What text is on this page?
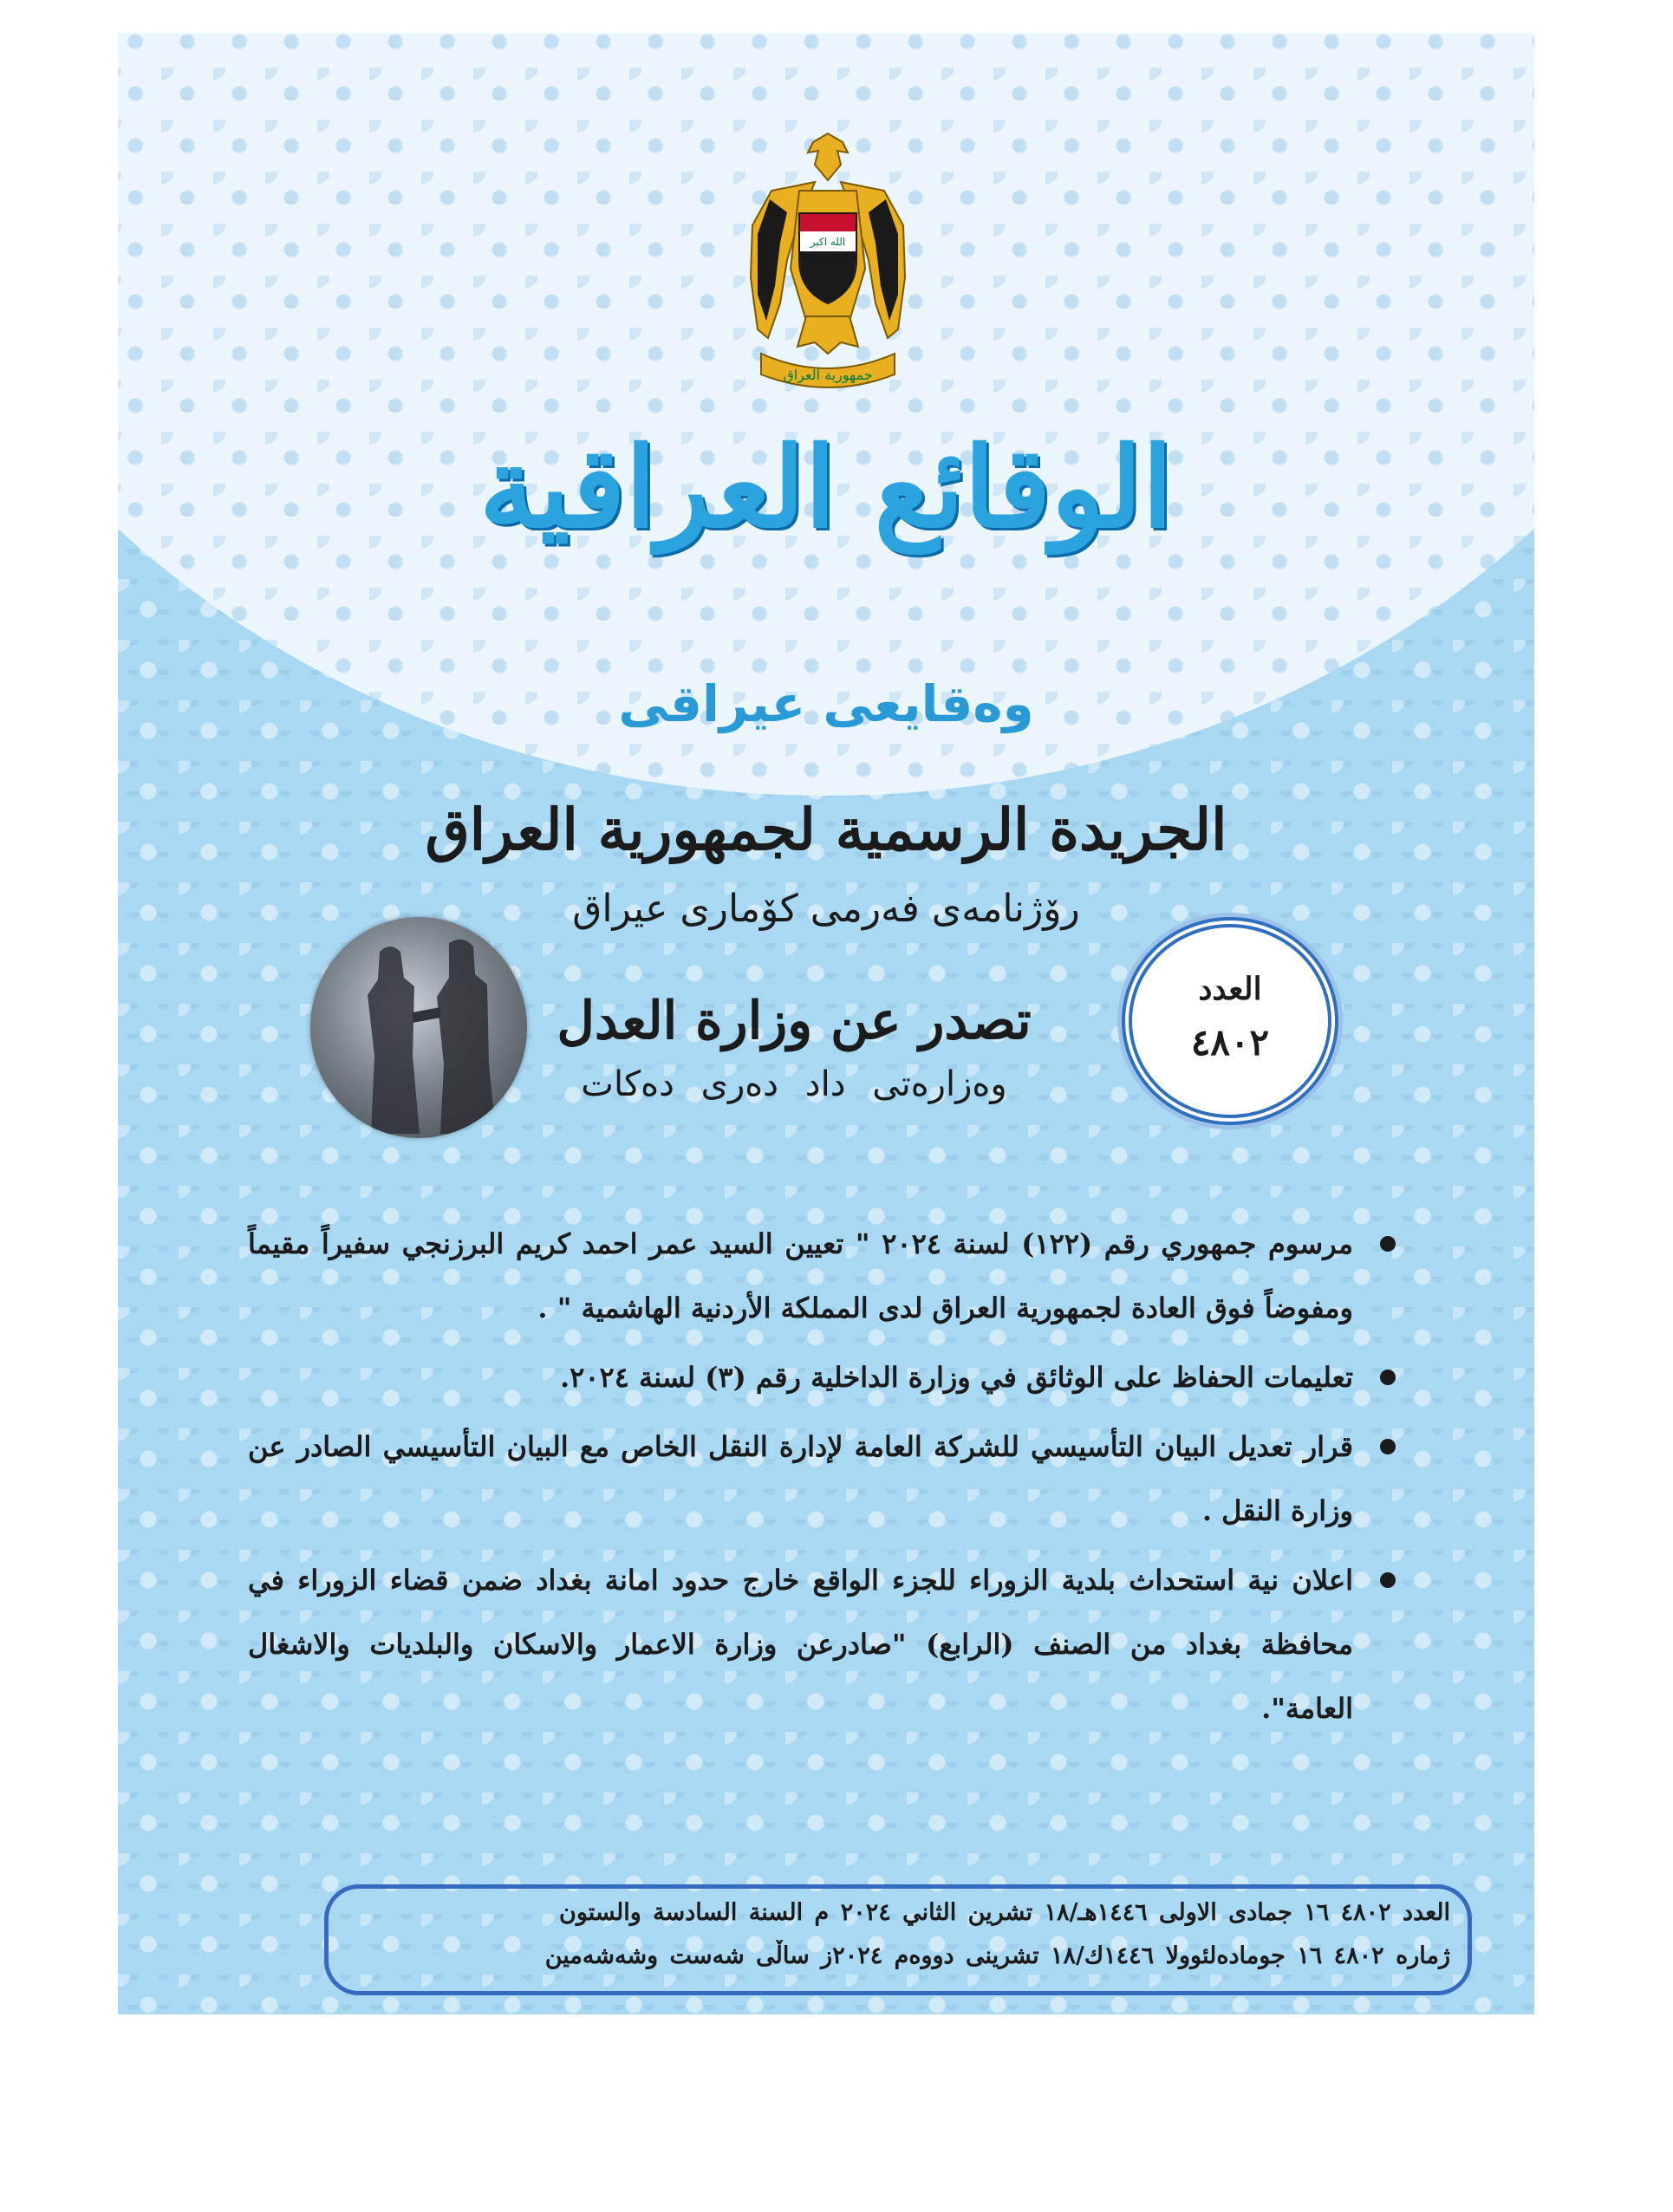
الله اكبر
جمهورية العراق
الوقائع العراقية
وەقایعی عیراقی
الجريدة الرسمية لجمهورية العراق
رۆژنامەی فەرمی کۆماری عیراق
تصدر عن وزارة العدل
وەزارەتی داد دەری دەکات
العدد
٤٨٠٢
مرسوم جمهوري رقم (١٢٢) لسنة ٢٠٢٤ " تعيين السيد عمر احمد كريم البرزنجي سفيراً مقيماً ومفوضاً فوق العادة لجمهورية العراق لدى المملكة الأردنية الهاشمية " .
تعليمات الحفاظ على الوثائق في وزارة الداخلية رقم (٣) لسنة ٢٠٢٤.
قرار تعديل البيان التأسيسي للشركة العامة لإدارة النقل الخاص مع البيان التأسيسي الصادر عن وزارة النقل .
اعلان نية استحداث بلدية الزوراء للجزء الواقع خارج حدود امانة بغداد ضمن قضاء الزوراء في محافظة بغداد من الصنف (الرابع) "صادرعن وزارة الاعمار والاسكان والبلديات والاشغال العامة".
العدد ٤٨٠٢ ١٦ جمادى الاولى ١٤٤٦هـ/١٨ تشرين الثاني ٢٠٢٤ م السنة السادسة والستون
ژمارە ٤٨٠٢ ١٦ جومادەلئوولا ١٤٤٦ك/١٨ تشرینی دووەم ٢٠٢٤ز ساڵی شەست وشەشەمین
